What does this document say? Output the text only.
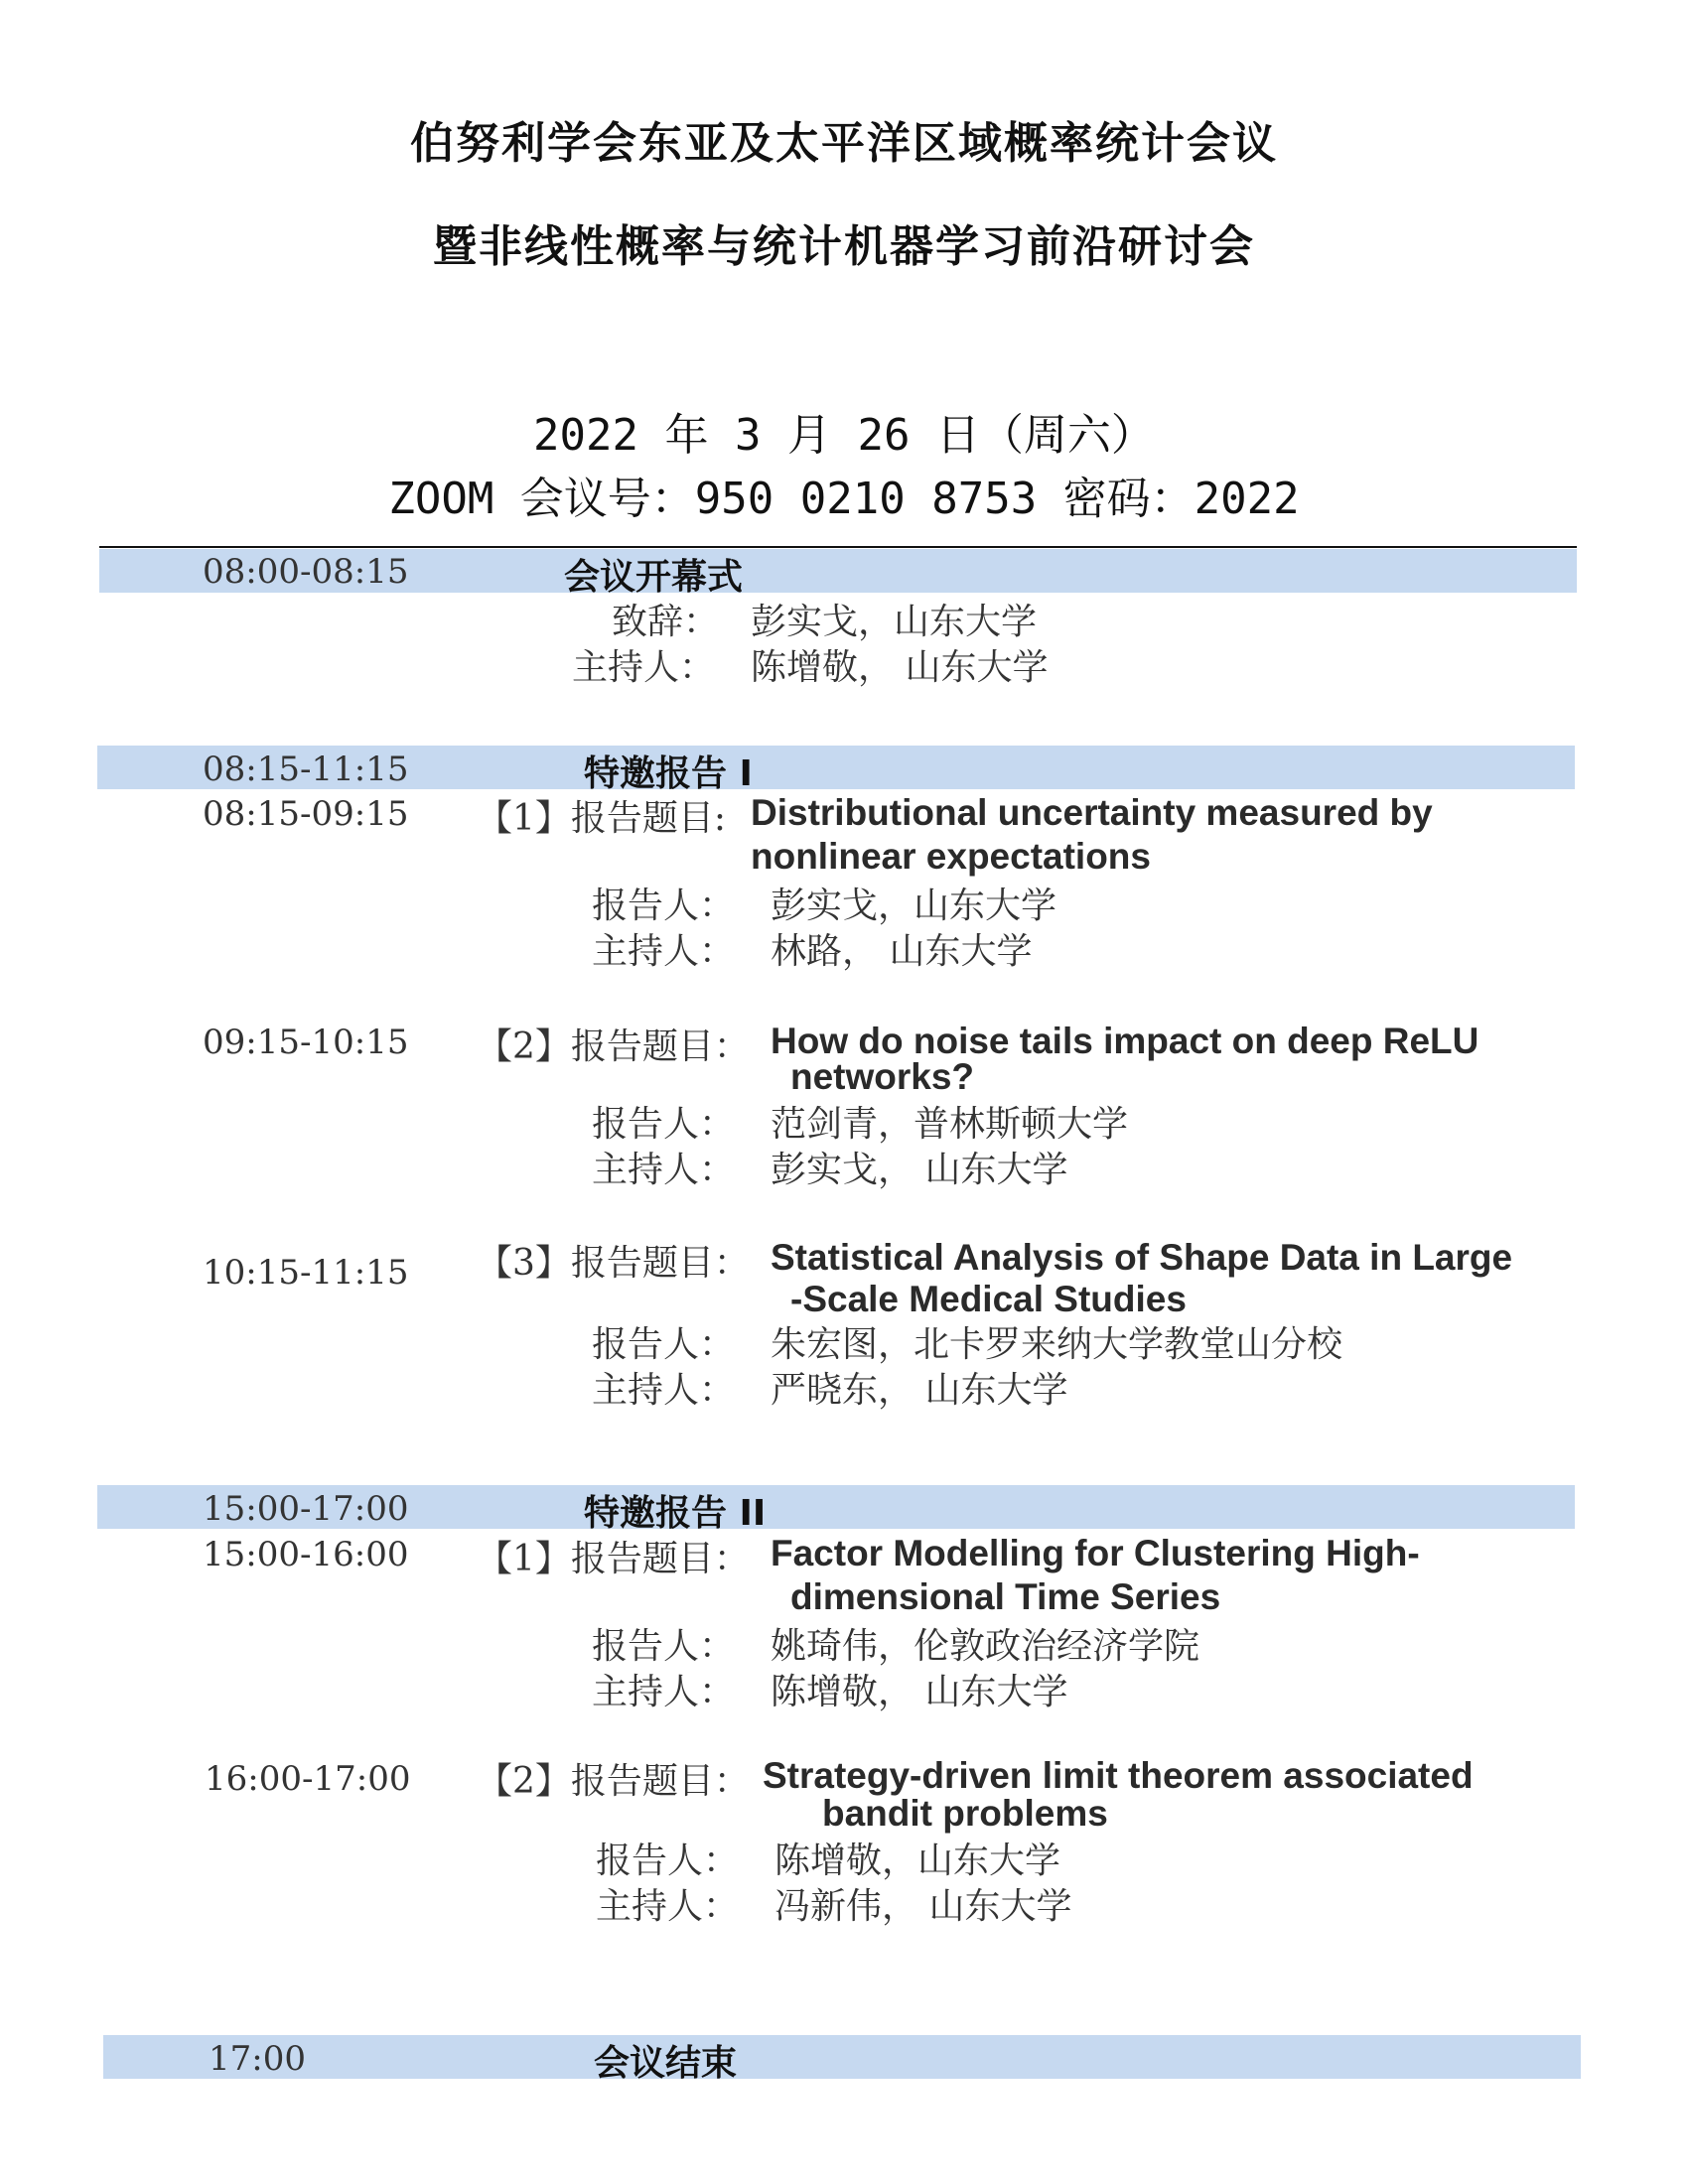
伯努利学会东亚及太平洋区域概率统计会议
暨非线性概率与统计机器学习前沿研讨会
2022 年 3 月 26 日（周六）
ZOOM 会议号：950 0210 8753 密码：2022
08:00-08:15	会议开幕式
致辞： 彭实戈，山东大学
主持人： 陈增敬， 山东大学
08:15-11:15	特邀报告 I
08:15-09:15 【1】报告题目: Distributional uncertainty measured by
nonlinear expectations
报告人： 彭实戈，山东大学
主持人： 林路， 山东大学
09:15-10:15 【2】报告题目： How do noise tails impact on deep ReLU
networks?
报告人： 范剑青，普林斯顿大学
主持人： 彭实戈， 山东大学
10:15-11:15 【3】报告题目： Statistical Analysis of Shape Data in Large
-Scale Medical Studies
报告人： 朱宏图，北卡罗来纳大学教堂山分校
主持人： 严晓东， 山东大学
15:00-17:00	特邀报告 II
15:00-16:00 【1】报告题目： Factor Modelling for Clustering High-
dimensional Time Series
报告人： 姚琦伟，伦敦政治经济学院
主持人： 陈增敬， 山东大学
16:00-17:00 【2】报告题目： Strategy-driven limit theorem associated
bandit problems
报告人： 陈增敬，山东大学
主持人： 冯新伟， 山东大学
17:00	会议结束
